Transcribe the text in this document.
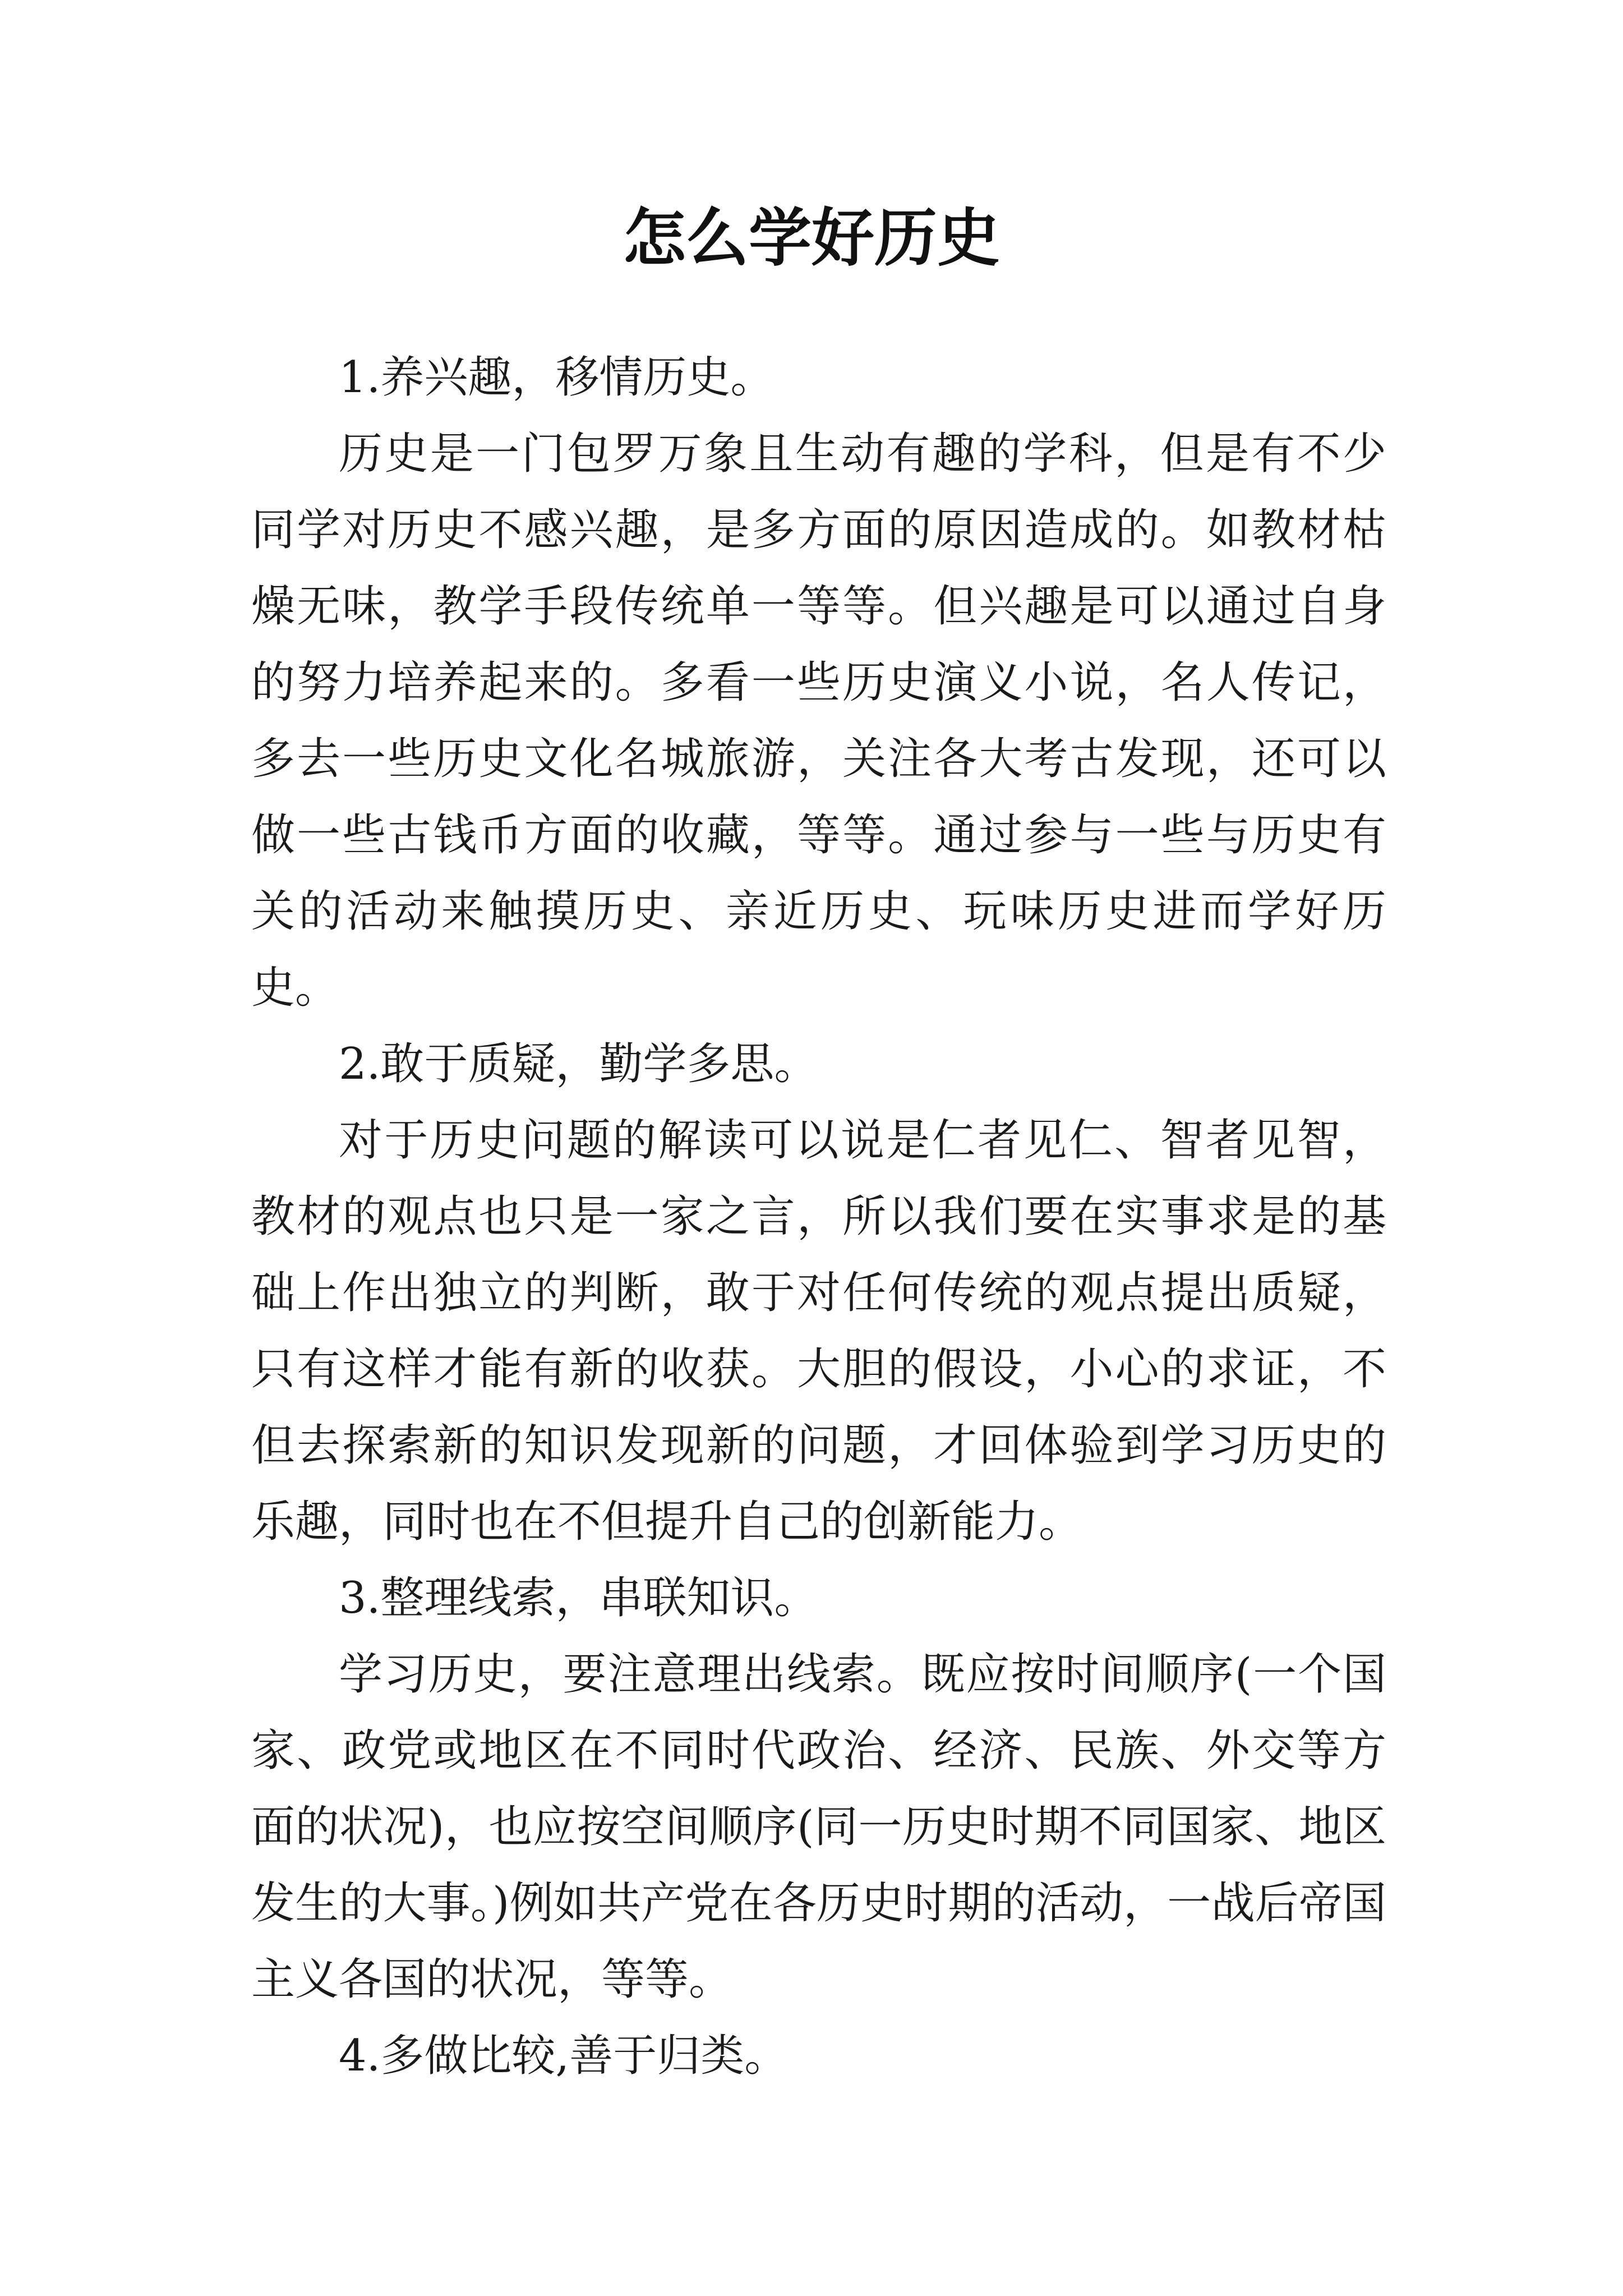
怎么学好历史

1.养兴趣，移情历史。

历史是一门包罗万象且生动有趣的学科，但是有不少同学对历史不感兴趣，是多方面的原因造成的。如教材枯燥无味，教学手段传统单一等等。但兴趣是可以通过自身的努力培养起来的。多看一些历史演义小说，名人传记，多去一些历史文化名城旅游，关注各大考古发现，还可以做一些古钱币方面的收藏，等等。通过参与一些与历史有关的活动来触摸历史、亲近历史、玩味历史进而学好历史。

2.敢于质疑，勤学多思。

对于历史问题的解读可以说是仁者见仁、智者见智，教材的观点也只是一家之言，所以我们要在实事求是的基础上作出独立的判断，敢于对任何传统的观点提出质疑，只有这样才能有新的收获。大胆的假设，小心的求证，不但去探索新的知识发现新的问题，才回体验到学习历史的乐趣，同时也在不但提升自己的创新能力。

3.整理线索，串联知识。

学习历史，要注意理出线索。既应按时间顺序(一个国家、政党或地区在不同时代政治、经济、民族、外交等方面的状况)，也应按空间顺序(同一历史时期不同国家、地区发生的大事。)例如共产党在各历史时期的活动，一战后帝国主义各国的状况，等等。

4.多做比较,善于归类。
